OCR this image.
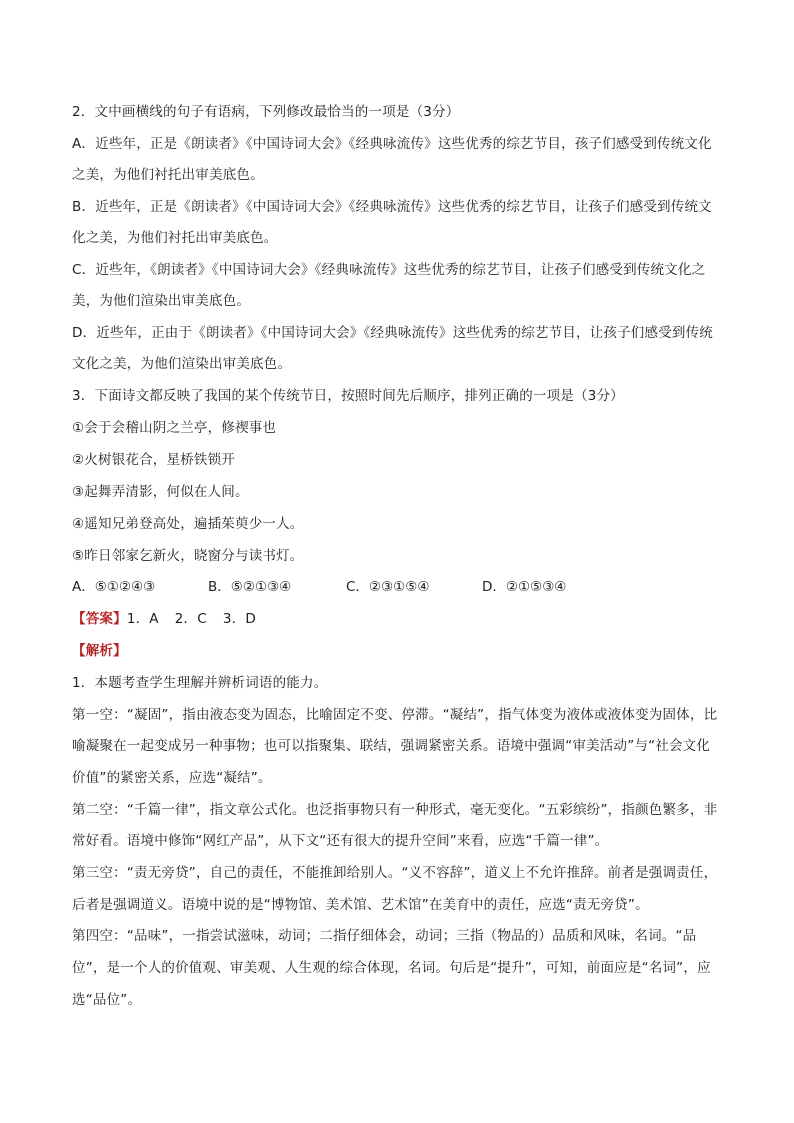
2．文中画横线的句子有语病，下列修改最恰当的一项是（3分）
A．近些年，正是《朗读者》《中国诗词大会》《经典咏流传》这些优秀的综艺节目，孩子们感受到传统文化
之美，为他们衬托出审美底色。
B．近些年，正是《朗读者》《中国诗词大会》《经典咏流传》这些优秀的综艺节目，让孩子们感受到传统文
化之美，为他们衬托出审美底色。
C．近些年，《朗读者》《中国诗词大会》《经典咏流传》这些优秀的综艺节目，让孩子们感受到传统文化之
美，为他们渲染出审美底色。
D．近些年，正由于《朗读者》《中国诗词大会》《经典咏流传》这些优秀的综艺节目，让孩子们感受到传统
文化之美，为他们渲染出审美底色。
3．下面诗文都反映了我国的某个传统节日，按照时间先后顺序，排列正确的一项是（3分）
①会于会稽山阴之兰亭，修禊事也
②火树银花合，星桥铁锁开
③起舞弄清影，何似在人间。
④遥知兄弟登高处，遍插茱萸少一人。
⑤昨日邻家乞新火，晓窗分与读书灯。
A．⑤①②④③	B．⑤②①③④	C．②③①⑤④	D．②①⑤③④
【答案】1．A 2．C 3．D
【解析】
1．本题考查学生理解并辨析词语的能力。
第一空：“凝固”，指由液态变为固态，比喻固定不变、停滞。“凝结”，指气体变为液体或液体变为固体，比
喻凝聚在一起变成另一种事物；也可以指聚集、联结，强调紧密关系。语境中强调“审美活动”与“社会文化
价值”的紧密关系，应选“凝结”。
第二空：“千篇一律”，指文章公式化。也泛指事物只有一种形式，毫无变化。“五彩缤纷”，指颜色繁多，非
常好看。语境中修饰“网红产品”，从下文“还有很大的提升空间”来看，应选“千篇一律”。
第三空：“责无旁贷”，自己的责任，不能推卸给别人。“义不容辞”，道义上不允许推辞。前者是强调责任，
后者是强调道义。语境中说的是“博物馆、美术馆、艺术馆”在美育中的责任，应选“责无旁贷”。
第四空：“品味”，一指尝试滋味，动词；二指仔细体会，动词；三指（物品的）品质和风味，名词。“品
位”，是一个人的价值观、审美观、人生观的综合体现，名词。句后是“提升”，可知，前面应是“名词”，应
选“品位”。
